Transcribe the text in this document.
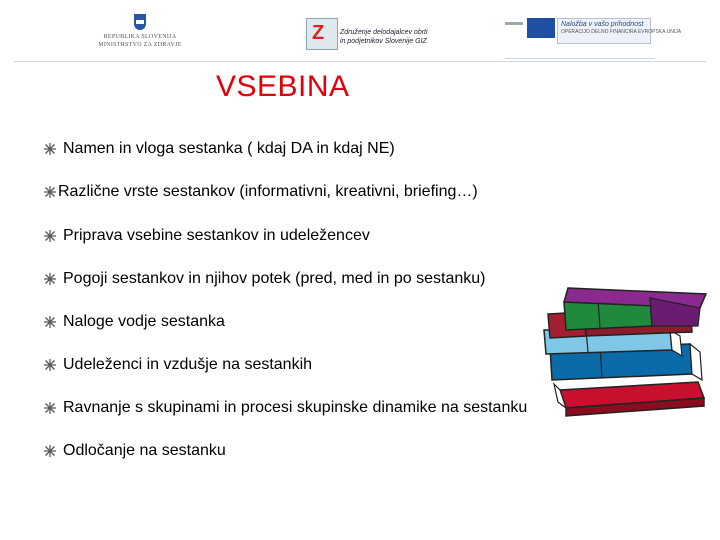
REPUBLIKA SLOVENIJA
MINISTRSTVO ZA ZDRAVJE
Z	Združenje delodajalcev obrti
in podjetnikov Slovenije GIZ
Naložba v vašo prihodnost
OPERACIJO DELNO FINANCIRA EVROPSKA UNIJA
VSEBINA
Namen in vloga sestanka ( kdaj DA in kdaj NE)
Različne vrste sestankov (informativni, kreativni, briefing…)
Priprava vsebine sestankov in udeležencev
Pogoji sestankov in njihov potek (pred, med in po sestanku)
Naloge vodje sestanka
Udeleženci in vzdušje na sestankih
Ravnanje s skupinami in procesi skupinske dinamike na sestanku
Odločanje na sestanku
